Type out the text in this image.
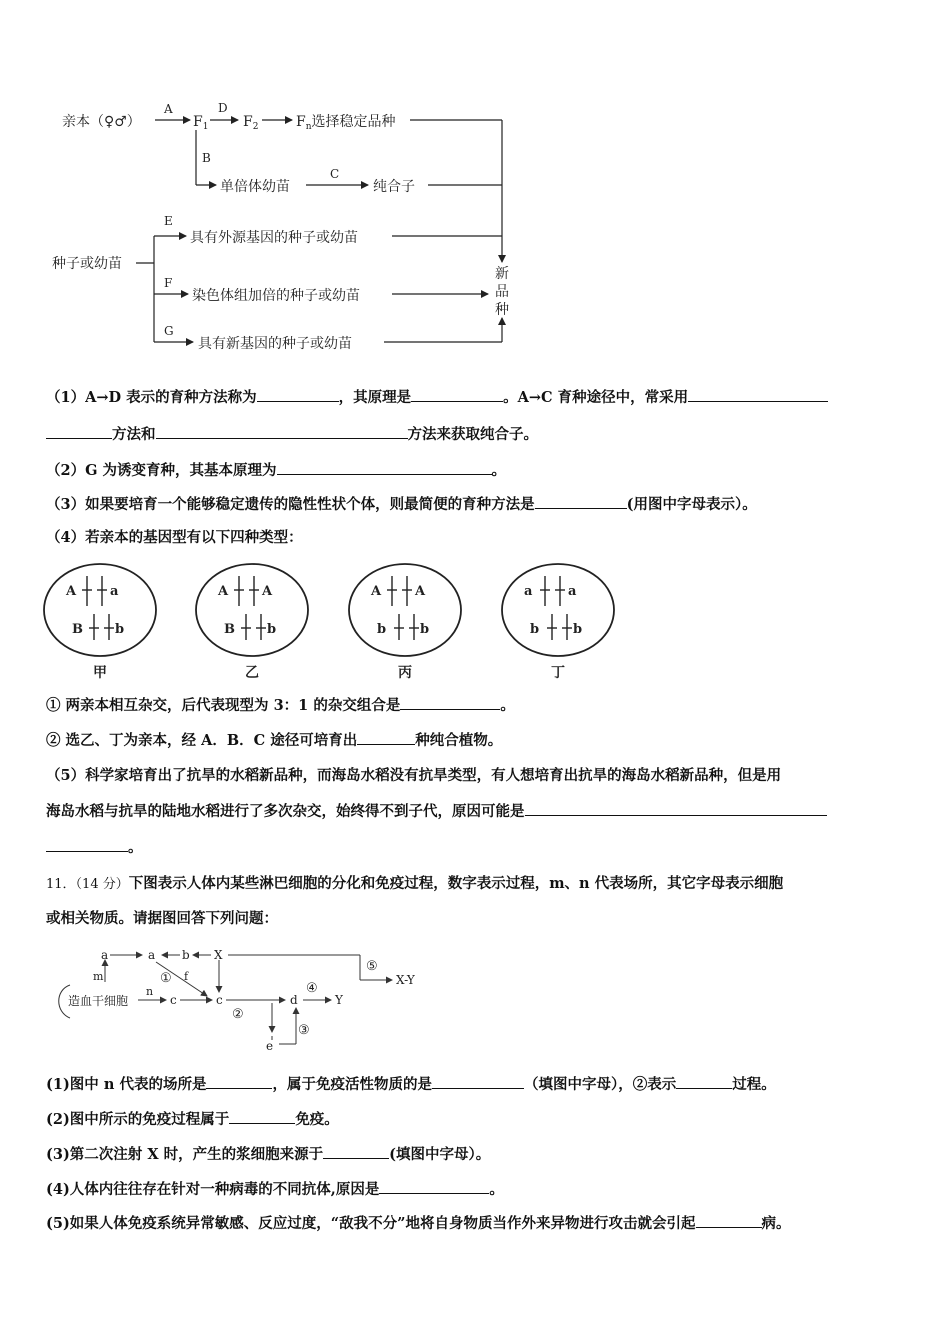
亲本（♀♂）
A
$F_1$
D
$F_2$	$F_n$选择稳定品种
B
单倍体幼苗
C
纯合子
种子或幼苗
E
具有外源基因的种子或幼苗
F
染色体组加倍的种子或幼苗
G
具有新基因的种子或幼苗
新
品
种
（1）A→D 表示的育种方法称为	，其原理是	。A→C 育种途径中，常采用
方法和	方法来获取纯合子。
（2）G 为诱变育种，其基本原理为	。
（3）如果要培育一个能够稳定遗传的隐性性状个体，则最简便的育种方法是	(用图中字母表示）。
（4）若亲本的基因型有以下四种类型：
A	a
B b
甲
A	A
B b
乙
A	A
b	b
丙
a	a
b	b
丁
① 两亲本相互杂交，后代表现型为 3：1 的杂交组合是	。
② 选乙、丁为亲本，经 A．B．C 途径可培育出	种纯合植物。
（5）科学家培育出了抗旱的水稻新品种，而海岛水稻没有抗旱类型，有人想培育出抗旱的海岛水稻新品种，但是用
海岛水稻与抗旱的陆地水稻进行了多次杂交，始终得不到子代，原因可能是
。
11．（14 分）下图表示人体内某些淋巴细胞的分化和免疫过程，数字表示过程，m、n 代表场所，其它字母表示细胞
或相关物质。请据图回答下列问题：
造血干细胞
m
a	a b X
① f
n
c	c
②
d
④
Y
⑤
X-Y
③
e
(1)图中 n 代表的场所是	，属于免疫活性物质的是	（填图中字母），②表示	过程。
(2)图中所示的免疫过程属于	免疫。
(3)第二次注射 X 时，产生的浆细胞来源于	(填图中字母）。
(4)人体内往往存在针对一种病毒的不同抗体,原因是	。
(5)如果人体免疫系统异常敏感、反应过度，“敌我不分”地将自身物质当作外来异物进行攻击就会引起	病。
